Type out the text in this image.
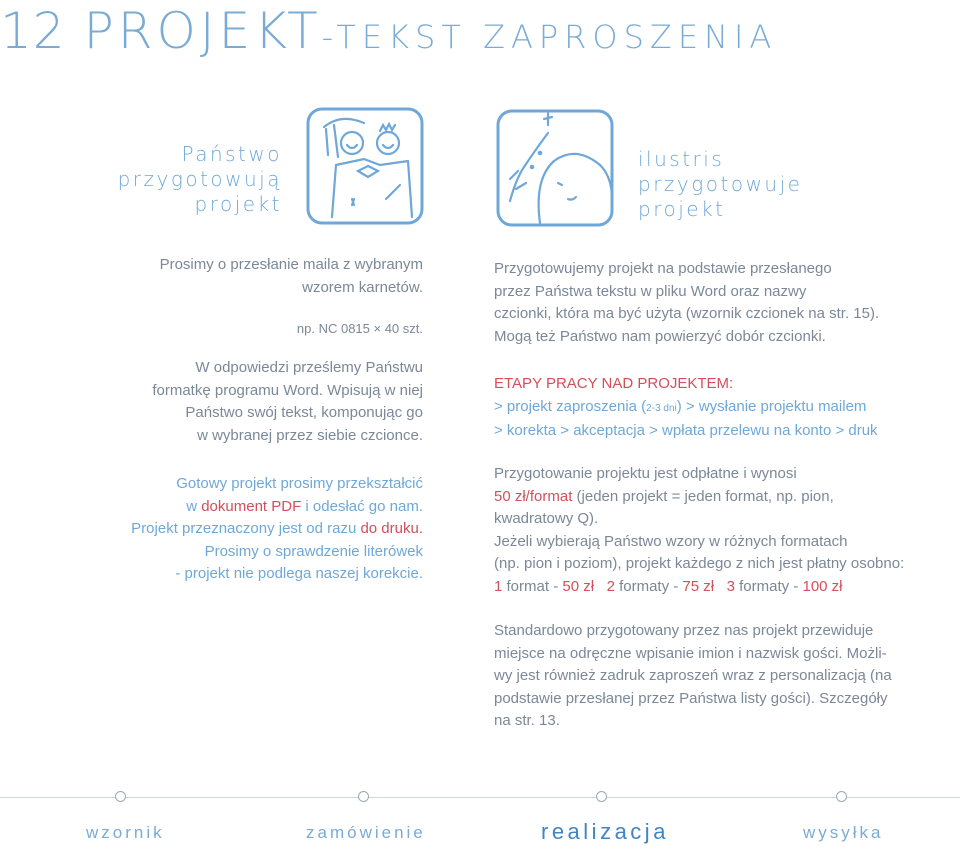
12 PROJEKT-TEKST ZAPROSZENIA
Państwo
przygotowują
projekt
ilustris
przygotowuje
projekt

Prosimy o przesłanie maila z wybranym

wzorem karnetów.

np. NC 0815 × 40 szt.

W odpowiedzi prześlemy Państwu

formatkę programu Word. Wpisują w niej

Państwo swój tekst, komponując go

w wybranej przez siebie czcionce.

Gotowy projekt prosimy przekształcić

w dokument PDF i odesłać go nam.

Projekt przeznaczony jest od razu do druku.

Prosimy o sprawdzenie literówek

- projekt nie podlega naszej korekcie.

Przygotowujemy projekt na podstawie przesłanego

przez Państwa tekstu w pliku Word oraz nazwy

czcionki, która ma być użyta (wzornik czcionek na str. 15).

Mogą też Państwo nam powierzyć dobór czcionki.

ETAPY PRACY NAD PROJEKTEM:

> projekt zaproszenia (2-3 dni) > wysłanie projektu mailem

> korekta > akceptacja > wpłata przelewu na konto > druk

Przygotowanie projektu jest odpłatne i wynosi

50 zł/format (jeden projekt = jeden format, np. pion,

kwadratowy Q).

Jeżeli wybierają Państwo wzory w różnych formatach

(np. pion i poziom), projekt każdego z nich jest płatny osobno:

1 format - 50 zł 2 formaty - 75 zł 3 formaty - 100 zł

Standardowo przygotowany przez nas projekt przewiduje

miejsce na odręczne wpisanie imion i nazwisk gości. Możli-

wy jest również zadruk zaproszeń wraz z personalizacją (na

podstawie przesłanej przez Państwa listy gości). Szczegóły

na str. 13.

wzornik	zamówienie	realizacja	wysyłka
